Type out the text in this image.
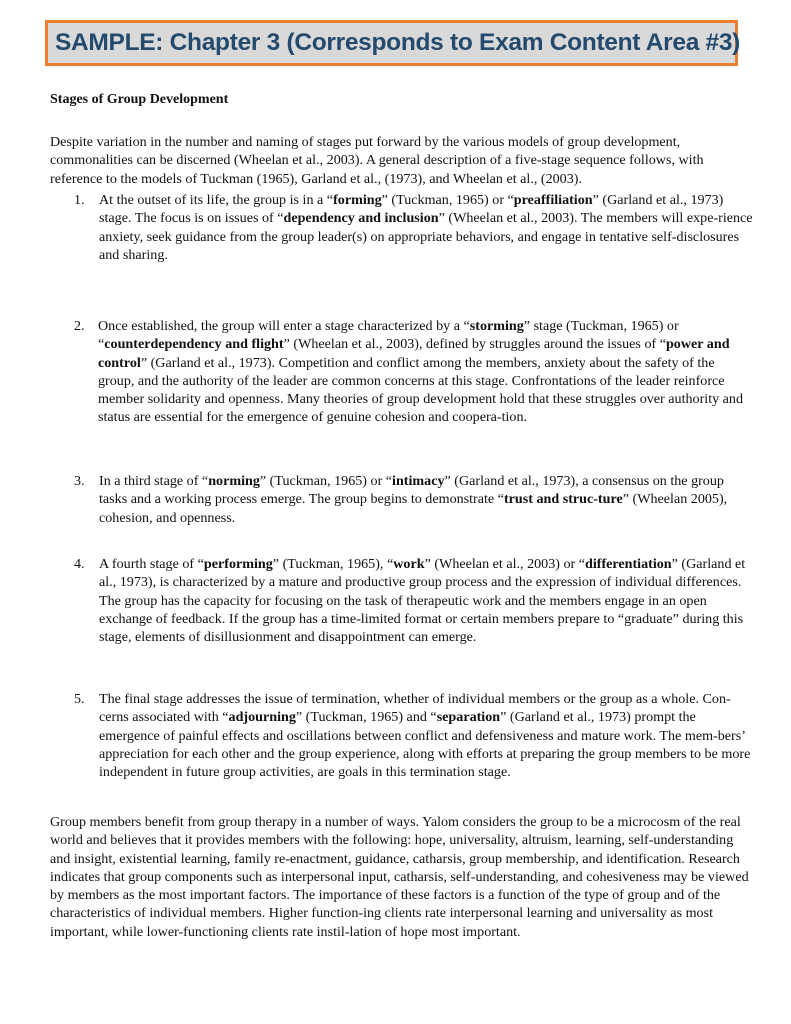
SAMPLE: Chapter 3 (Corresponds to Exam Content Area #3)
Stages of Group Development

Despite variation in the number and naming of stages put forward by the various models of group development, commonalities can be discerned (Wheelan et al., 2003). A general description of a five-stage sequence follows, with reference to the models of Tuckman (1965), Garland et al., (1973), and Wheelan et al., (2003).

1. At the outset of its life, the group is in a “forming” (Tuckman, 1965) or “preaffiliation” (Garland et al., 1973) stage. The focus is on issues of “dependency and inclusion” (Wheelan et al., 2003). The members will expe-rience anxiety, seek guidance from the group leader(s) on appropriate behaviors, and engage in tentative self-disclosures and sharing.
2. Once established, the group will enter a stage characterized by a “storming” stage (Tuckman, 1965) or “counterdependency and flight” (Wheelan et al., 2003), defined by struggles around the issues of “power and control” (Garland et al., 1973). Competition and conflict among the members, anxiety about the safety of the group, and the authority of the leader are common concerns at this stage. Confrontations of the leader reinforce member solidarity and openness. Many theories of group development hold that these struggles over authority and status are essential for the emergence of genuine cohesion and coopera-tion.
3. In a third stage of “norming” (Tuckman, 1965) or “intimacy” (Garland et al., 1973), a consensus on the group tasks and a working process emerge. The group begins to demonstrate “trust and struc-ture” (Wheelan 2005), cohesion, and openness.
4. A fourth stage of “performing” (Tuckman, 1965), “work” (Wheelan et al., 2003) or “differentiation” (Garland et al., 1973), is characterized by a mature and productive group process and the expression of individual differences. The group has the capacity for focusing on the task of therapeutic work and the members engage in an open exchange of feedback. If the group has a time-limited format or certain members prepare to “graduate” during this stage, elements of disillusionment and disappointment can emerge.
5. The final stage addresses the issue of termination, whether of individual members or the group as a whole. Con-cerns associated with “adjourning” (Tuckman, 1965) and “separation” (Garland et al., 1973) prompt the emergence of painful effects and oscillations between conflict and defensiveness and mature work. The mem-bers’ appreciation for each other and the group experience, along with efforts at preparing the group members to be more independent in future group activities, are goals in this termination stage.

Group members benefit from group therapy in a number of ways. Yalom considers the group to be a microcosm of the real world and believes that it provides members with the following: hope, universality, altruism, learning, self-understanding and insight, existential learning, family re-enactment, guidance, catharsis, group membership, and identification. Research indicates that group components such as interpersonal input, catharsis, self-understanding, and cohesiveness may be viewed by members as the most important factors. The importance of these factors is a function of the type of group and of the characteristics of individual members. Higher function-ing clients rate interpersonal learning and universality as most important, while lower-functioning clients rate instil-lation of hope most important.
